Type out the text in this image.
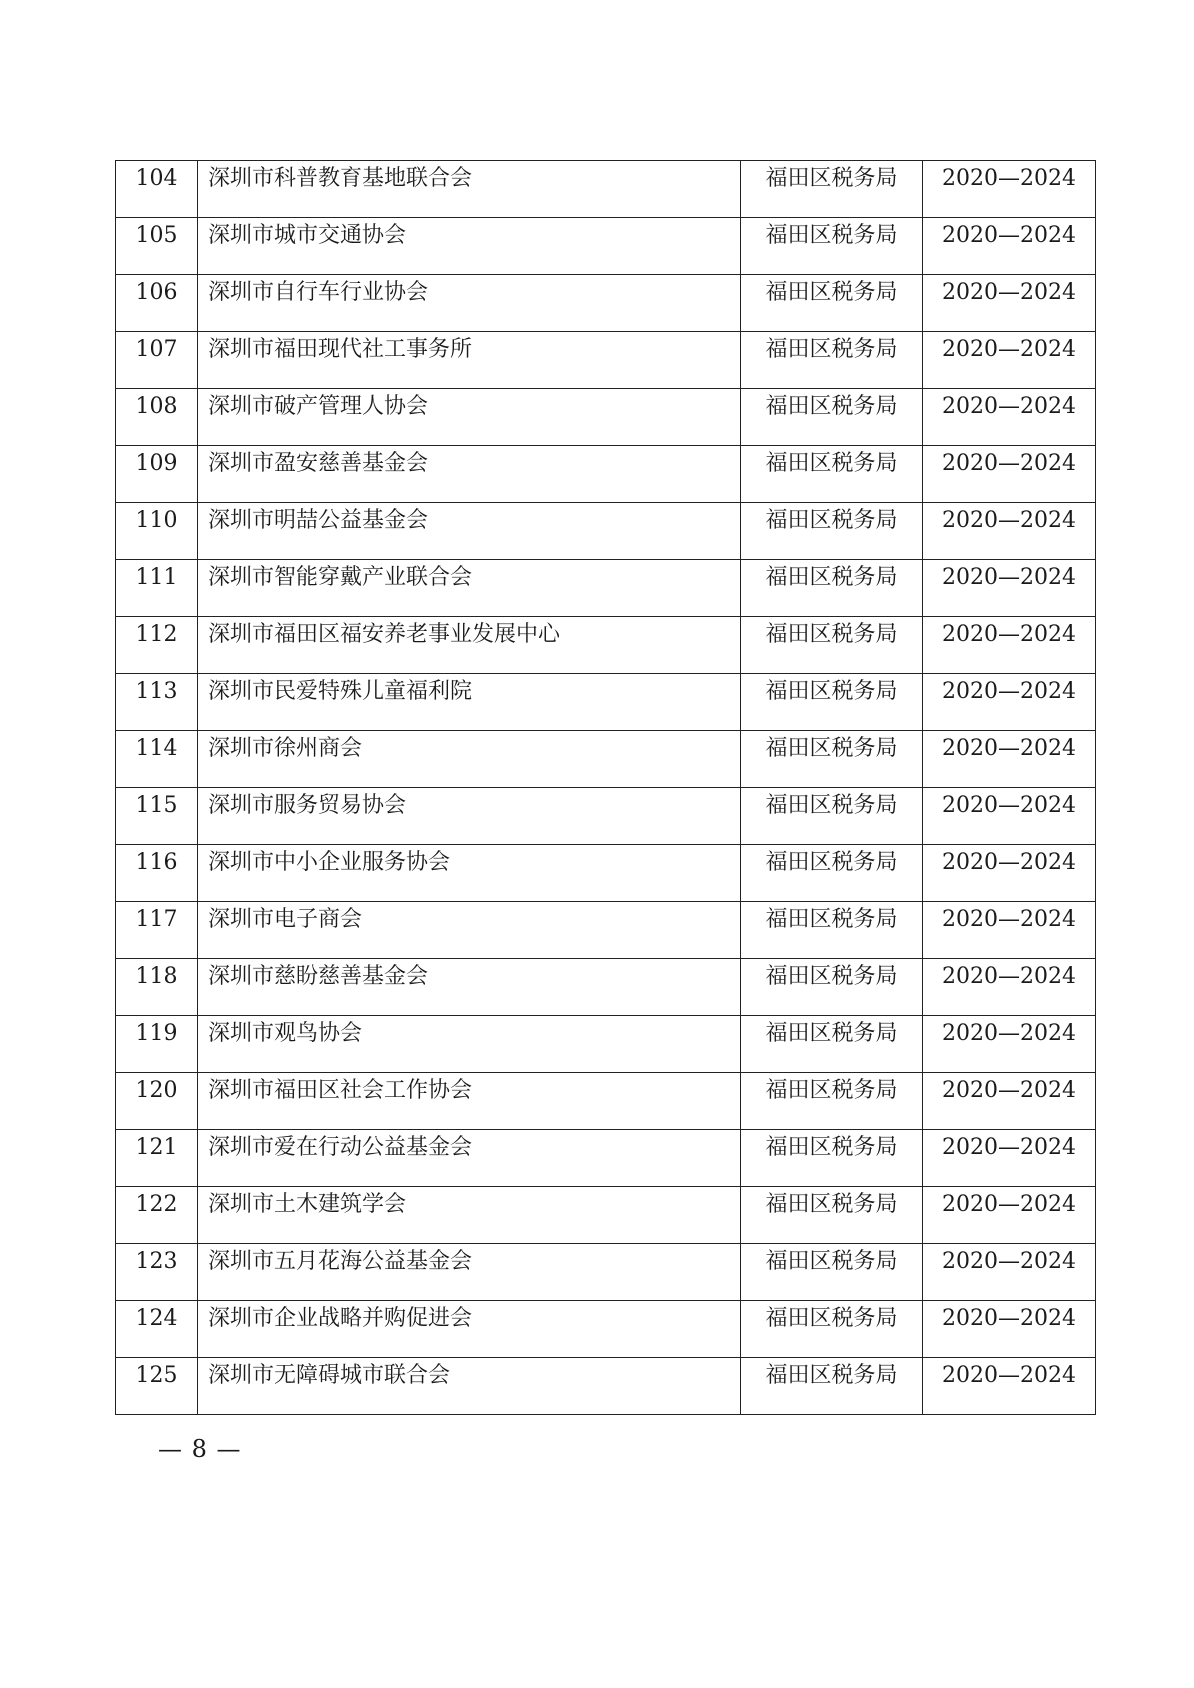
104	深圳市科普教育基地联合会	福田区税务局	2020—2024

105	深圳市城市交通协会	福田区税务局	2020—2024

106	深圳市自行车行业协会	福田区税务局	2020—2024

107	深圳市福田现代社工事务所	福田区税务局	2020—2024

108	深圳市破产管理人协会	福田区税务局	2020—2024

109	深圳市盈安慈善基金会	福田区税务局	2020—2024

110	深圳市明喆公益基金会	福田区税务局	2020—2024

111	深圳市智能穿戴产业联合会	福田区税务局	2020—2024

112	深圳市福田区福安养老事业发展中心	福田区税务局	2020—2024

113	深圳市民爱特殊儿童福利院	福田区税务局	2020—2024

114	深圳市徐州商会	福田区税务局	2020—2024

115	深圳市服务贸易协会	福田区税务局	2020—2024

116	深圳市中小企业服务协会	福田区税务局	2020—2024

117	深圳市电子商会	福田区税务局	2020—2024

118	深圳市慈盼慈善基金会	福田区税务局	2020—2024

119	深圳市观鸟协会	福田区税务局	2020—2024

120	深圳市福田区社会工作协会	福田区税务局	2020—2024

121	深圳市爱在行动公益基金会	福田区税务局	2020—2024

122	深圳市土木建筑学会	福田区税务局	2020—2024

123	深圳市五月花海公益基金会	福田区税务局	2020—2024

124	深圳市企业战略并购促进会	福田区税务局	2020—2024

125	深圳市无障碍城市联合会	福田区税务局	2020—2024
— 8 —
